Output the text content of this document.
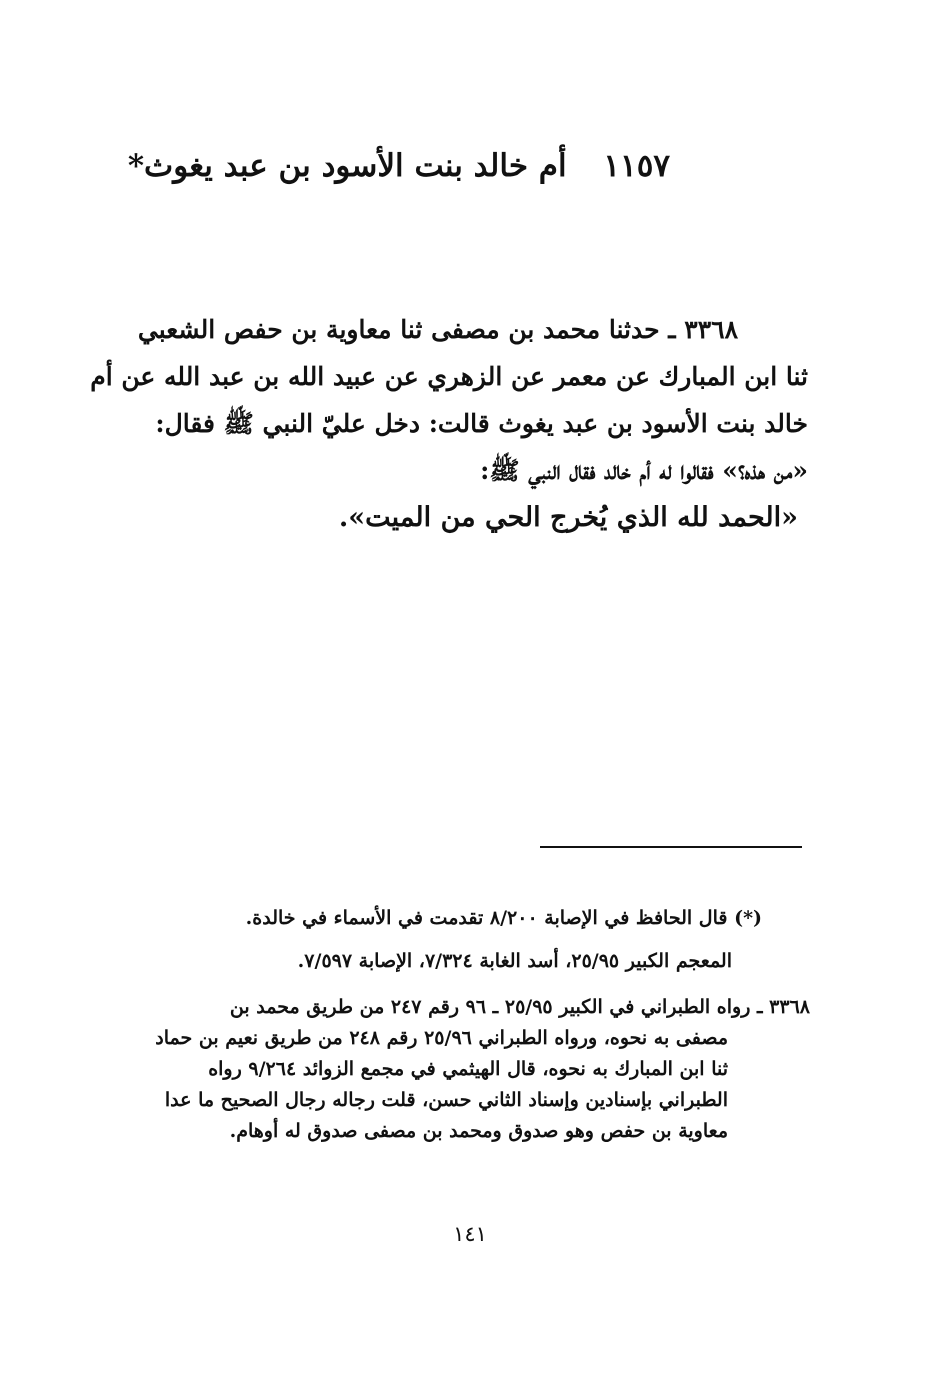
١١٥٧ أم خالد بنت الأسود بن عبد يغوث*
٣٣٦٨ ـ حدثنا محمد بن مصفى ثنا معاوية بن حفص الشعبي
ثنا ابن المبارك عن معمر عن الزهري عن عبيد الله بن عبد الله عن أم
خالد بنت الأسود بن عبد يغوث قالت: دخل عليّ النبي ﷺ فقال:
«من هذه؟» فقالوا له أم خالد فقال النبي ﷺ:
«الحمد لله الذي يُخرج الحي من الميت».
(*) قال الحافظ في الإصابة ٨/٢٠٠ تقدمت في الأسماء في خالدة.
المعجم الكبير ٢٥/٩٥، أسد الغابة ٧/٣٢٤، الإصابة ٧/٥٩٧.
٣٣٦٨ ـ رواه الطبراني في الكبير ٢٥/٩٥ ـ ٩٦ رقم ٢٤٧ من طريق محمد بن
مصفى به نحوه، ورواه الطبراني ٢٥/٩٦ رقم ٢٤٨ من طريق نعيم بن حماد
ثنا ابن المبارك به نحوه، قال الهيثمي في مجمع الزوائد ٩/٢٦٤ رواه
الطبراني بإسنادين وإسناد الثاني حسن، قلت رجاله رجال الصحيح ما عدا
معاوية بن حفص وهو صدوق ومحمد بن مصفى صدوق له أوهام.
١٤١
